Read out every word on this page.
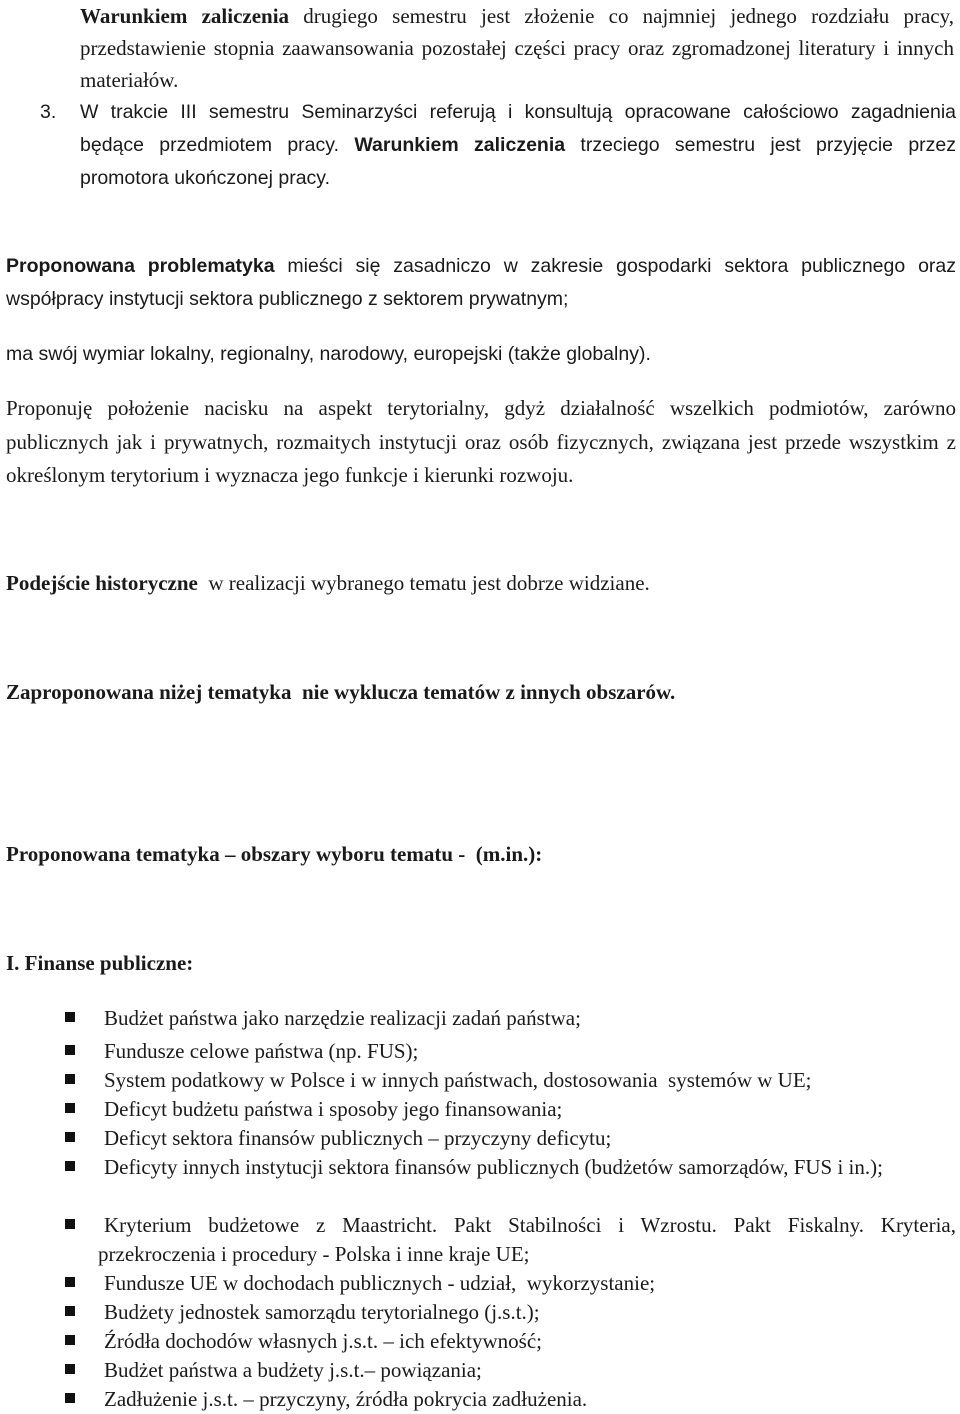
Warunkiem zaliczenia drugiego semestru jest złożenie co najmniej jednego rozdziału pracy, przedstawienie stopnia zaawansowania pozostałej części pracy oraz zgromadzonej literatury i innych materiałów.

3.	W trakcie III semestru Seminarzyści referują i konsultują opracowane całościowo zagadnienia będące przedmiotem pracy. Warunkiem zaliczenia trzeciego semestru jest przyjęcie przez promotora ukończonej pracy.

Proponowana problematyka mieści się zasadniczo w zakresie gospodarki sektora publicznego oraz współpracy instytucji sektora publicznego z sektorem prywatnym;

ma swój wymiar lokalny, regionalny, narodowy, europejski (także globalny).

Proponuję położenie nacisku na aspekt terytorialny, gdyż działalność wszelkich podmiotów, zarówno publicznych jak i prywatnych, rozmaitych instytucji oraz osób fizycznych, związana jest przede wszystkim z określonym terytorium i wyznacza jego funkcje i kierunki rozwoju.

Podejście historyczne  w realizacji wybranego tematu jest dobrze widziane.

Zaproponowana niżej tematyka  nie wyklucza tematów z innych obszarów.

Proponowana tematyka – obszary wyboru tematu -  (m.in.):

I. Finanse publiczne:

Budżet państwa jako narzędzie realizacji zadań państwa;
Fundusze celowe państwa (np. FUS);
System podatkowy w Polsce i w innych państwach, dostosowania  systemów w UE;
Deficyt budżetu państwa i sposoby jego finansowania;
Deficyt sektora finansów publicznych – przyczyny deficytu;
Deficyty innych instytucji sektora finansów publicznych (budżetów samorządów, FUS i in.);
Kryterium budżetowe z Maastricht. Pakt Stabilności i Wzrostu. Pakt Fiskalny. Kryteria, przekroczenia i procedury - Polska i inne kraje UE;
Fundusze UE w dochodach publicznych - udział,  wykorzystanie;
Budżety jednostek samorządu terytorialnego (j.s.t.);
Źródła dochodów własnych j.s.t. – ich efektywność;
Budżet państwa a budżety j.s.t.– powiązania;
Zadłużenie j.s.t. – przyczyny, źródła pokrycia zadłużenia.
